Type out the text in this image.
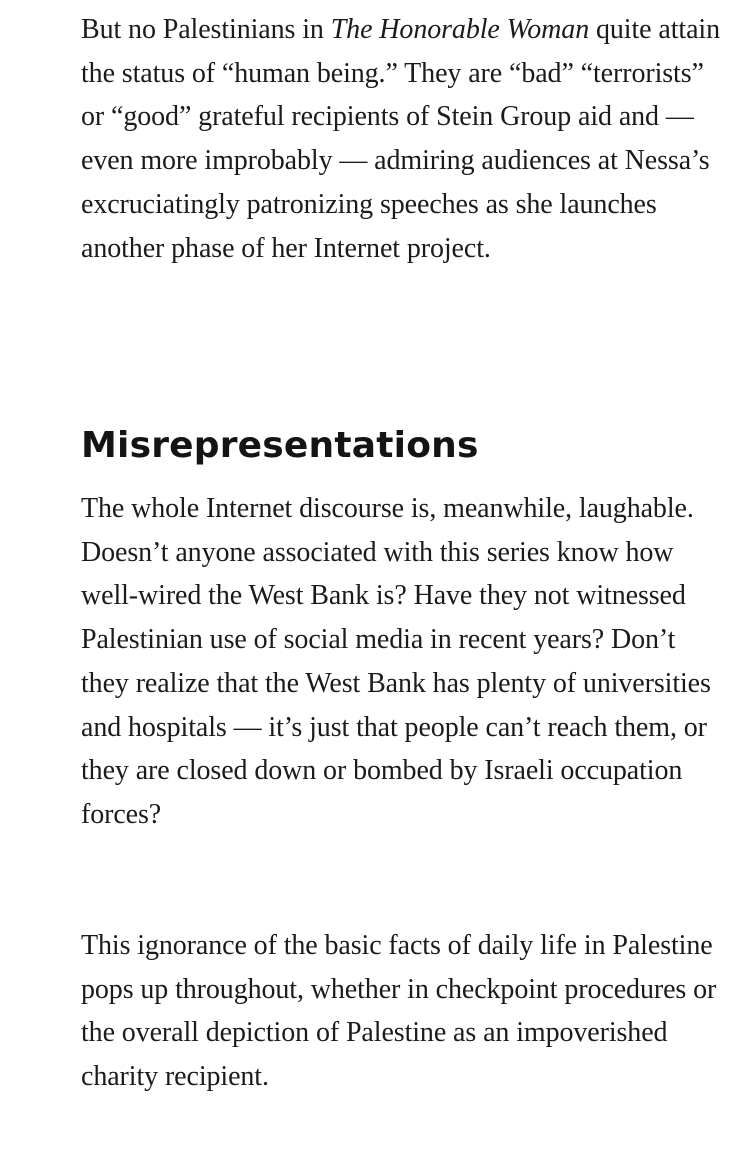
But no Palestinians in The Honorable Woman quite attain the status of “human being.” They are “bad” “terrorists” or “good” grateful recipients of Stein Group aid and — even more improbably — admiring audiences at Nessa’s excruciatingly patronizing speeches as she launches another phase of her Internet project.

Misrepresentations

The whole Internet discourse is, meanwhile, laughable. Doesn’t anyone associated with this series know how well-wired the West Bank is? Have they not witnessed Palestinian use of social media in recent years? Don’t they realize that the West Bank has plenty of universities and hospitals — it’s just that people can’t reach them, or they are closed down or bombed by Israeli occupation forces?

This ignorance of the basic facts of daily life in Palestine pops up throughout, whether in checkpoint procedures or the overall depiction of Palestine as an impoverished charity recipient.
